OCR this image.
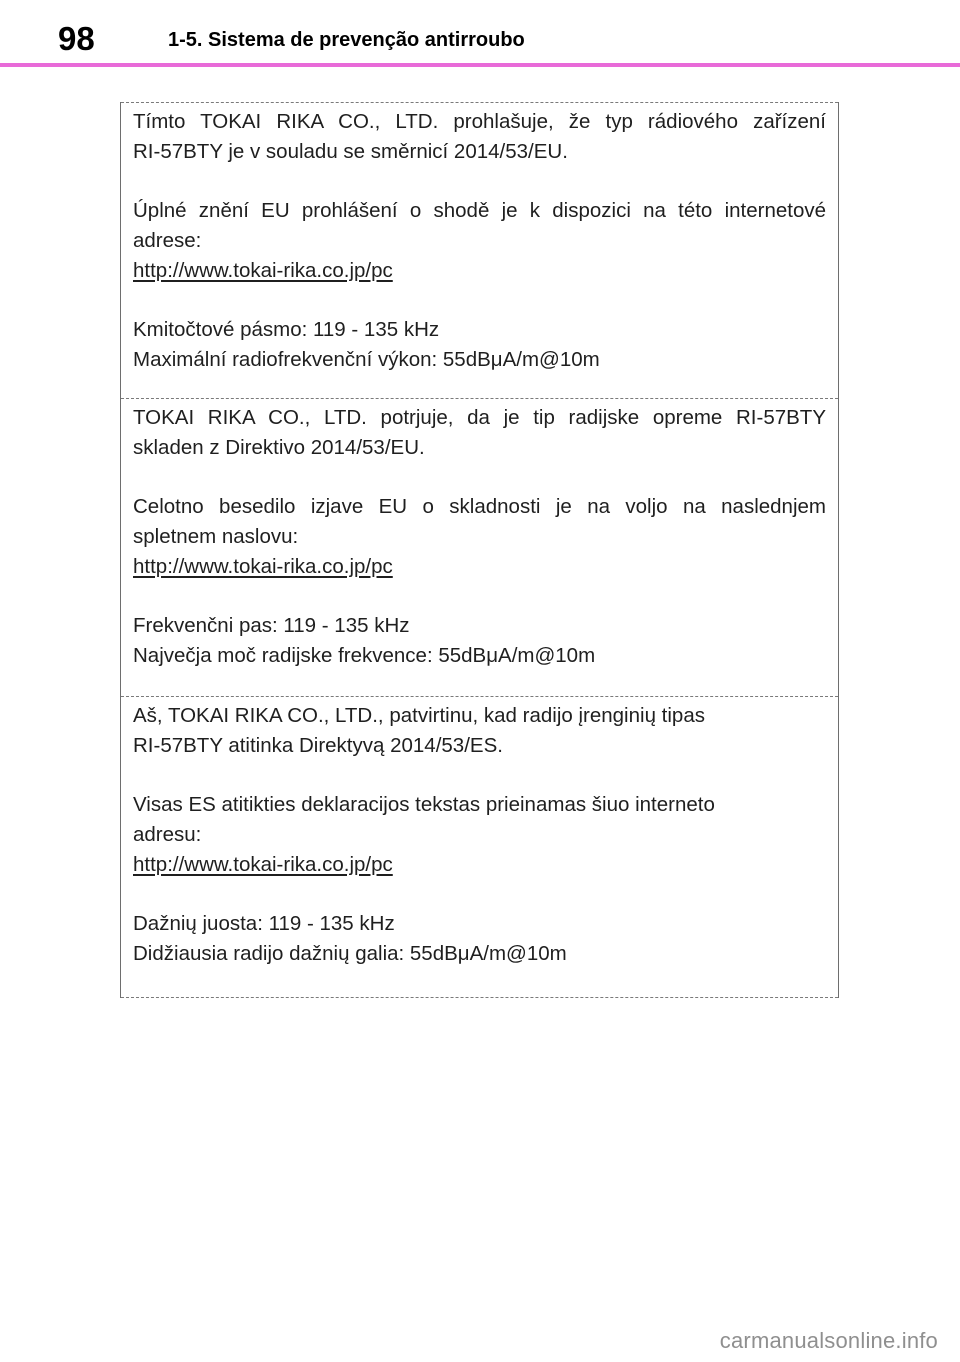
98	1-5. Sistema de prevenção antirroubo
Tímto TOKAI RIKA CO., LTD. prohlašuje, že typ rádiového zařízení
RI-57BTY je v souladu se směrnicí 2014/53/EU.
Úplné znění EU prohlášení o shodě je k dispozici na této internetové
adrese:
http://www.tokai-rika.co.jp/pc
Kmitočtové pásmo: 119 - 135 kHz
Maximální radiofrekvenční výkon: 55dBμA/m@10m
TOKAI RIKA CO., LTD. potrjuje, da je tip radijske opreme RI-57BTY
skladen z Direktivo 2014/53/EU.
Celotno besedilo izjave EU o skladnosti je na voljo na naslednjem
spletnem naslovu:
http://www.tokai-rika.co.jp/pc
Frekvenčni pas: 119 - 135 kHz
Največja moč radijske frekvence: 55dBμA/m@10m
Aš, TOKAI RIKA CO., LTD., patvirtinu, kad radijo įrenginių tipas
RI-57BTY atitinka Direktyvą 2014/53/ES.
Visas ES atitikties deklaracijos tekstas prieinamas šiuo interneto
adresu:
http://www.tokai-rika.co.jp/pc
Dažnių juosta: 119 - 135 kHz
Didžiausia radijo dažnių galia: 55dBμA/m@10m
carmanualsonline.info
